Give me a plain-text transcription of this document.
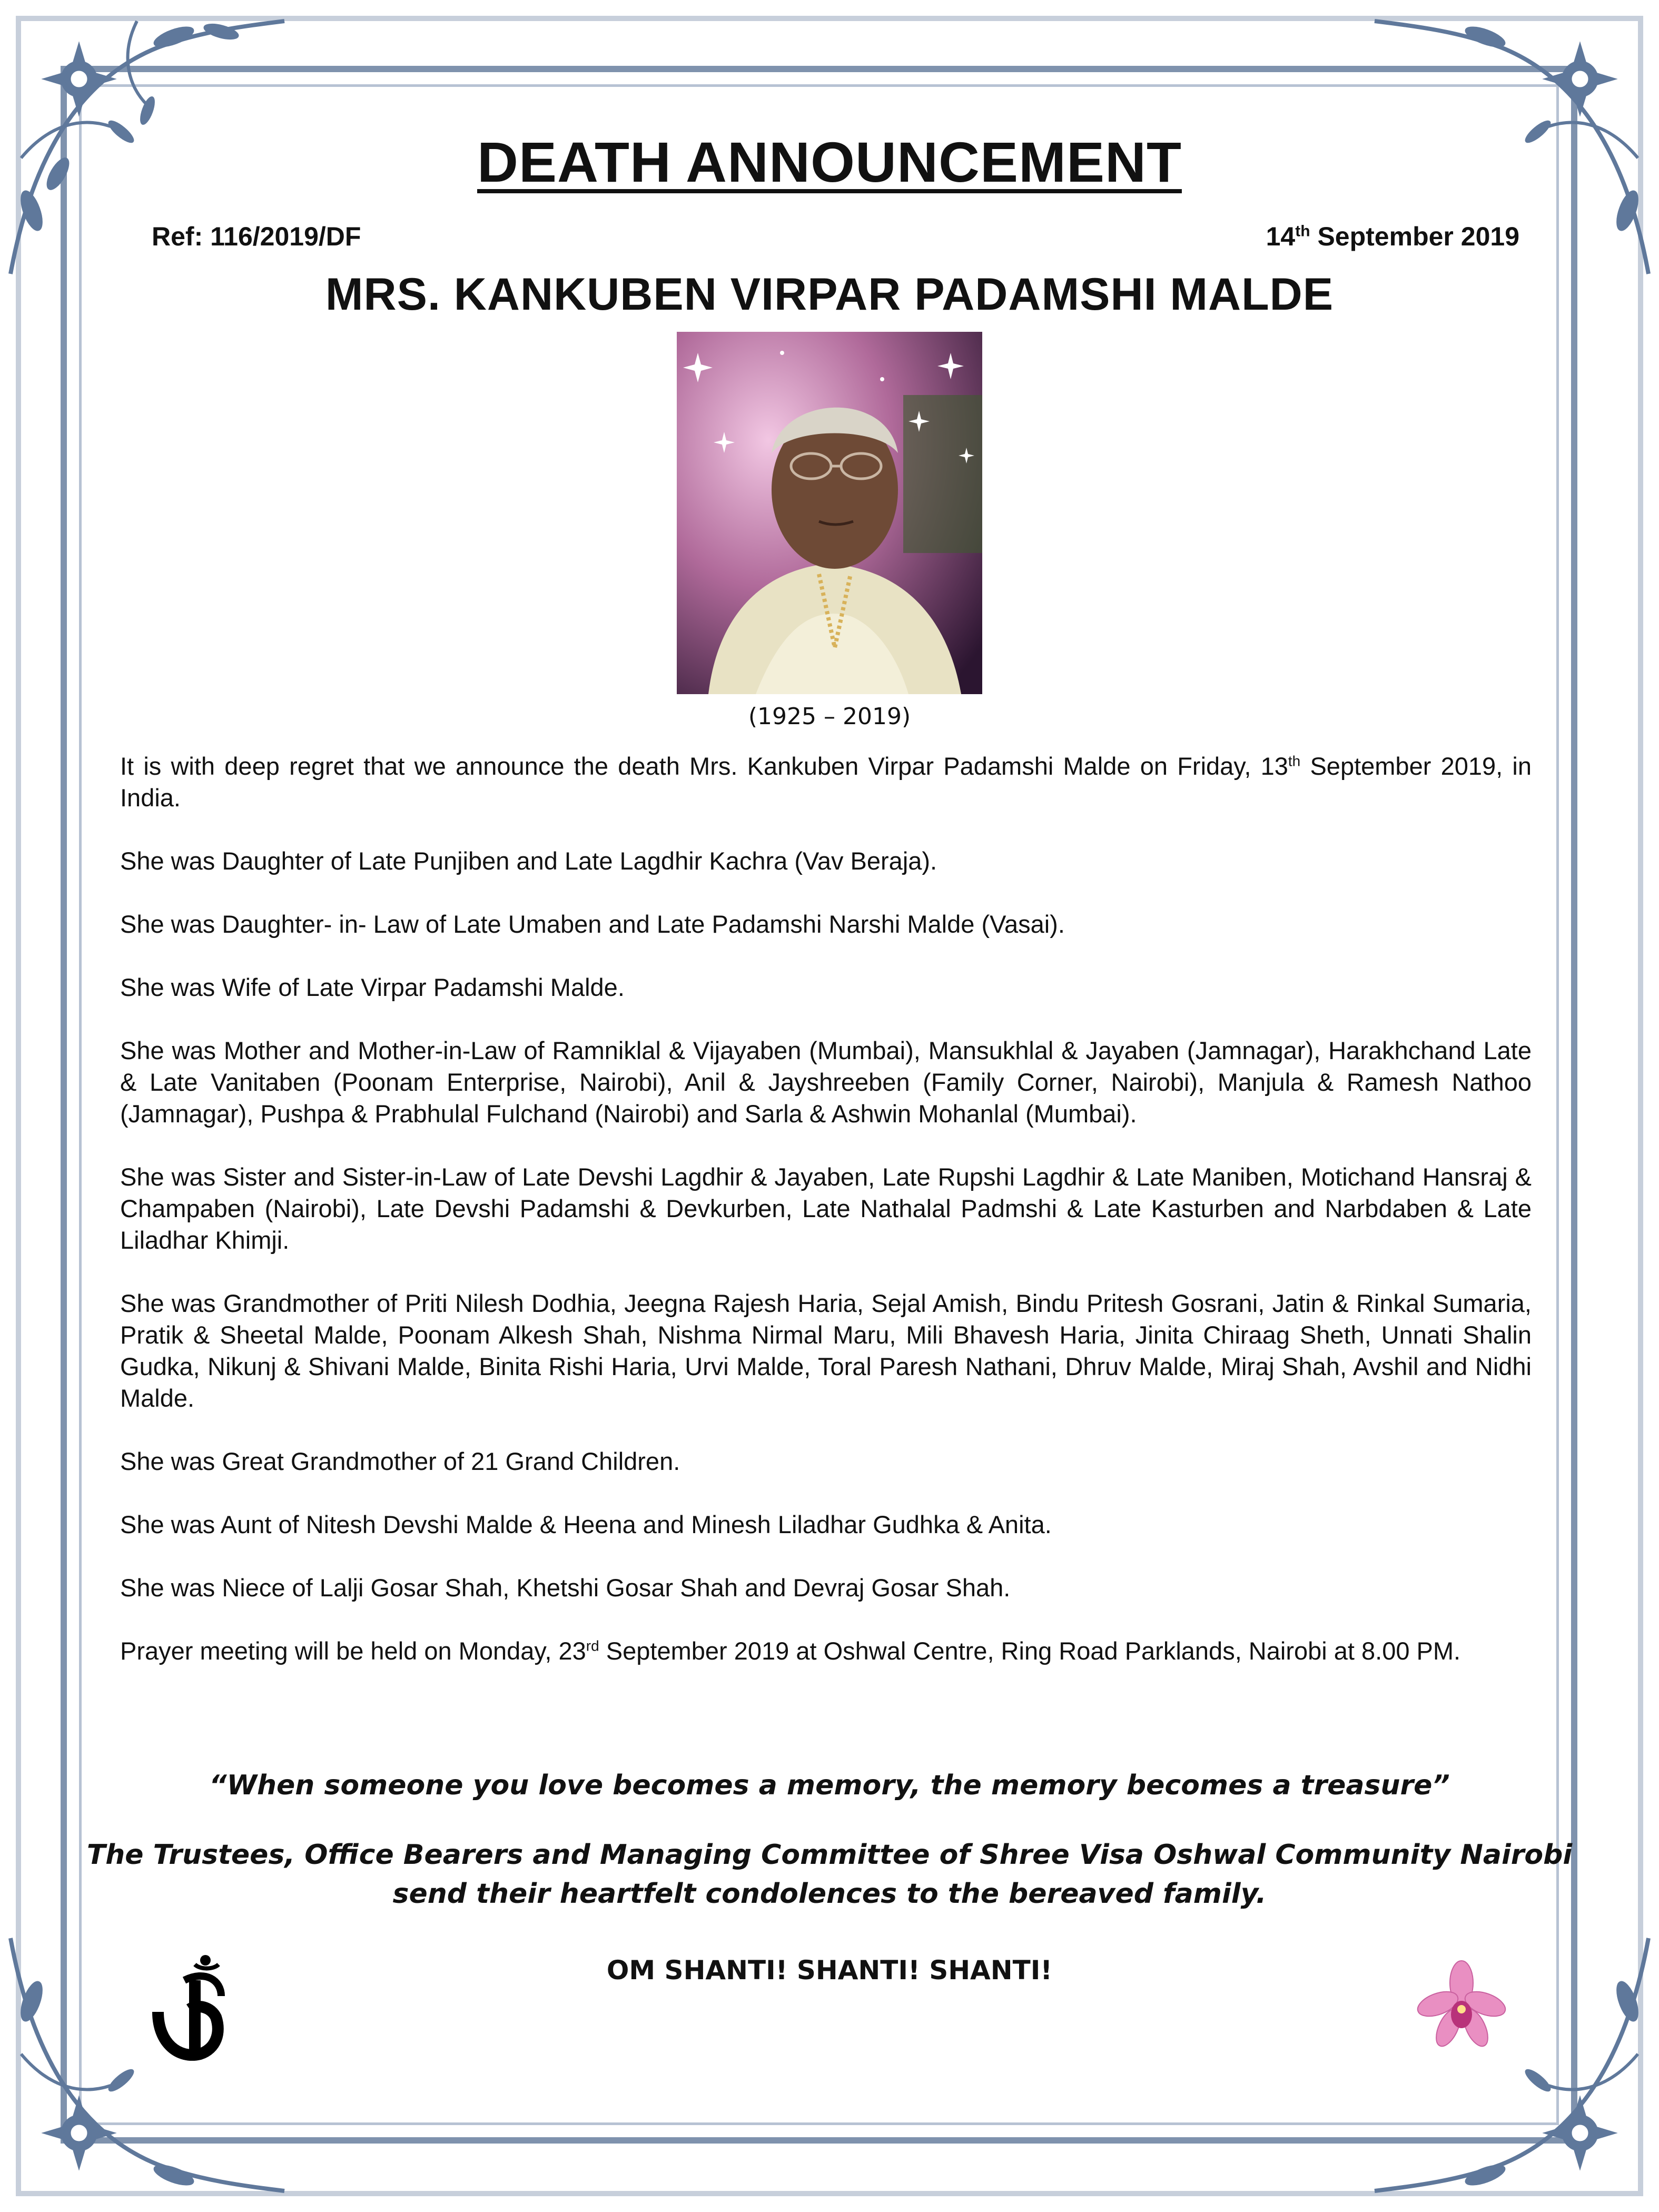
DEATH ANNOUNCEMENT
Ref: 116/2019/DF	14th September 2019
MRS. KANKUBEN VIRPAR PADAMSHI MALDE
(1925 – 2019)

It is with deep regret that we announce the death Mrs. Kankuben Virpar Padamshi Malde on Friday, 13th September 2019, in India.

She was Daughter of Late Punjiben and Late Lagdhir Kachra (Vav Beraja).

She was Daughter- in- Law of Late Umaben and Late Padamshi Narshi Malde (Vasai).

She was Wife of Late Virpar Padamshi Malde.

She was Mother and Mother-in-Law of Ramniklal & Vijayaben (Mumbai), Mansukhlal & Jayaben (Jamnagar), Harakhchand Late & Late Vanitaben (Poonam Enterprise, Nairobi), Anil & Jayshreeben (Family Corner, Nairobi), Manjula & Ramesh Nathoo (Jamnagar), Pushpa & Prabhulal Fulchand (Nairobi) and Sarla & Ashwin Mohanlal (Mumbai).

She was Sister and Sister-in-Law of Late Devshi Lagdhir & Jayaben, Late Rupshi Lagdhir & Late Maniben, Motichand Hansraj & Champaben (Nairobi), Late Devshi Padamshi & Devkurben, Late Nathalal Padmshi & Late Kasturben and Narbdaben & Late Liladhar Khimji.

She was Grandmother of Priti Nilesh Dodhia, Jeegna Rajesh Haria, Sejal Amish, Bindu Pritesh Gosrani, Jatin & Rinkal Sumaria, Pratik & Sheetal Malde, Poonam Alkesh Shah, Nishma Nirmal Maru, Mili Bhavesh Haria, Jinita Chiraag Sheth, Unnati Shalin Gudka, Nikunj & Shivani Malde, Binita Rishi Haria, Urvi Malde, Toral Paresh Nathani, Dhruv Malde, Miraj Shah, Avshil and Nidhi Malde.

She was Great Grandmother of 21 Grand Children.

She was Aunt of Nitesh Devshi Malde & Heena and Minesh Liladhar Gudhka & Anita.

She was Niece of Lalji Gosar Shah, Khetshi Gosar Shah and Devraj Gosar Shah.

Prayer meeting will be held on Monday, 23rd September 2019 at Oshwal Centre, Ring Road Parklands, Nairobi at 8.00 PM.

“When someone you love becomes a memory, the memory becomes a treasure”
The Trustees, Office Bearers and Managing Committee of Shree Visa Oshwal Community Nairobi
send their heartfelt condolences to the bereaved family.
OM SHANTI! SHANTI! SHANTI!
